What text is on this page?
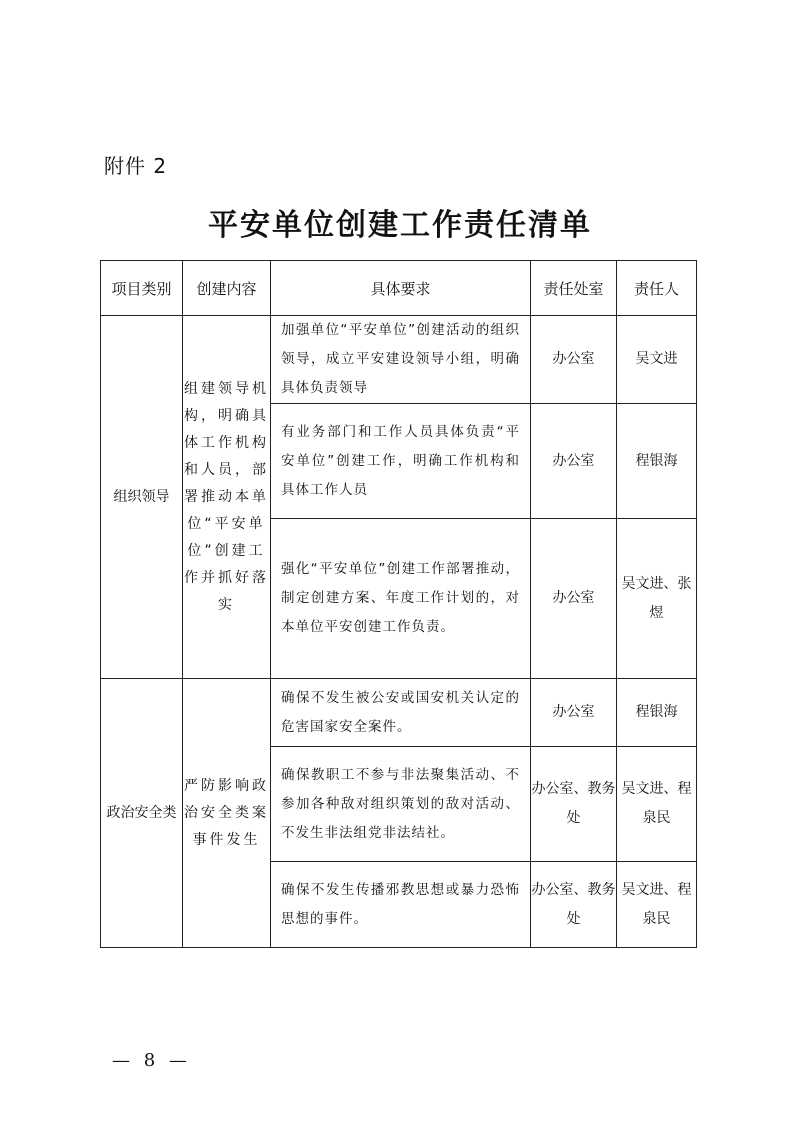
附件 2
平安单位创建工作责任清单
项目类别	创建内容	具体要求	责任处室	责任人
组织领导	组建领导机构，明确具体工作机构和人员，部署推动本单位“平安单位”创建工作并抓好落实	加强单位“平安单位”创建活动的组织领导，成立平安建设领导小组，明确具体负责领导	办公室	吴文进
		有业务部门和工作人员具体负责“平安单位”创建工作，明确工作机构和具体工作人员	办公室	程银海
		强化“平安单位”创建工作部署推动，制定创建方案、年度工作计划的，对本单位平安创建工作负责。	办公室	吴文进、张煜
政治安全类	严防影响政治安全类案事件发生	确保不发生被公安或国安机关认定的危害国家安全案件。	办公室	程银海
		确保教职工不参与非法聚集活动、不参加各种敌对组织策划的敌对活动、不发生非法组党非法结社。	办公室、教务处	吴文进、程泉民
		确保不发生传播邪教思想或暴力恐怖思想的事件。	办公室、教务处	吴文进、程泉民
— 8 —
